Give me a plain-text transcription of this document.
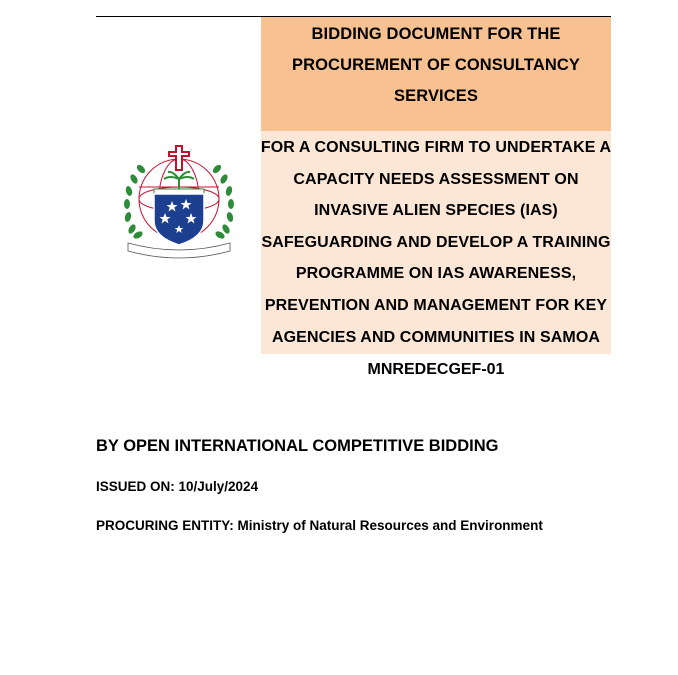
BIDDING DOCUMENT FOR THE
PROCUREMENT OF CONSULTANCY
SERVICES
FOR A CONSULTING FIRM TO UNDERTAKE A
CAPACITY NEEDS ASSESSMENT ON
INVASIVE ALIEN SPECIES (IAS)
SAFEGUARDING AND DEVELOP A TRAINING
PROGRAMME ON IAS AWARENESS,
PREVENTION AND MANAGEMENT FOR KEY
AGENCIES AND COMMUNITIES IN SAMOA
MNREDECGEF-01
BY OPEN INTERNATIONAL COMPETITIVE BIDDING
ISSUED ON: 10/July/2024
PROCURING ENTITY: Ministry of Natural Resources and Environment
